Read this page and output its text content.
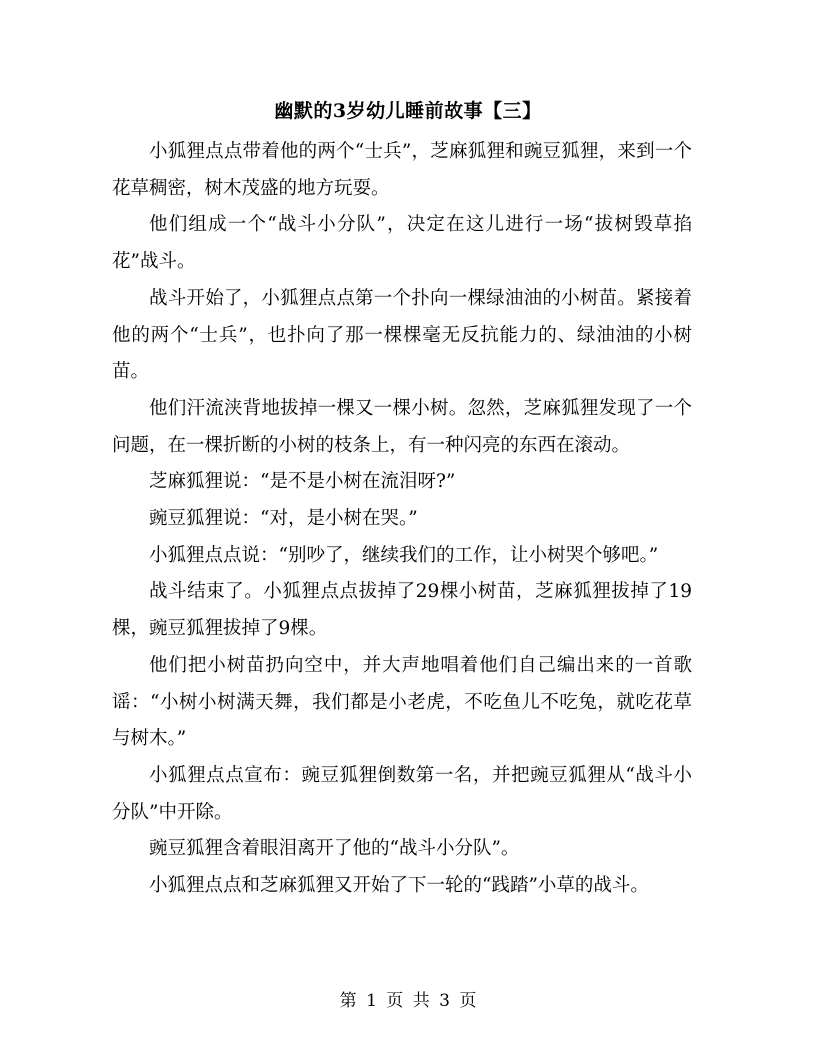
幽默的3岁幼儿睡前故事【三】

小狐狸点点带着他的两个“士兵”，芝麻狐狸和豌豆狐狸，来到一个花草稠密，树木茂盛的地方玩耍。

他们组成一个“战斗小分队”，决定在这儿进行一场“拔树毁草掐花”战斗。

战斗开始了，小狐狸点点第一个扑向一棵绿油油的小树苗。紧接着他的两个“士兵”，也扑向了那一棵棵毫无反抗能力的、绿油油的小树苗。

他们汗流浃背地拔掉一棵又一棵小树。忽然，芝麻狐狸发现了一个问题，在一棵折断的小树的枝条上，有一种闪亮的东西在滚动。

芝麻狐狸说：“是不是小树在流泪呀?”

豌豆狐狸说：“对，是小树在哭。”

小狐狸点点说：“别吵了，继续我们的工作，让小树哭个够吧。”

战斗结束了。小狐狸点点拔掉了29棵小树苗，芝麻狐狸拔掉了19棵，豌豆狐狸拔掉了9棵。

他们把小树苗扔向空中，并大声地唱着他们自己编出来的一首歌谣：“小树小树满天舞，我们都是小老虎，不吃鱼儿不吃兔，就吃花草与树木。”

小狐狸点点宣布：豌豆狐狸倒数第一名，并把豌豆狐狸从“战斗小分队”中开除。

豌豆狐狸含着眼泪离开了他的“战斗小分队”。

小狐狸点点和芝麻狐狸又开始了下一轮的“践踏”小草的战斗。

第 1 页 共 3 页
